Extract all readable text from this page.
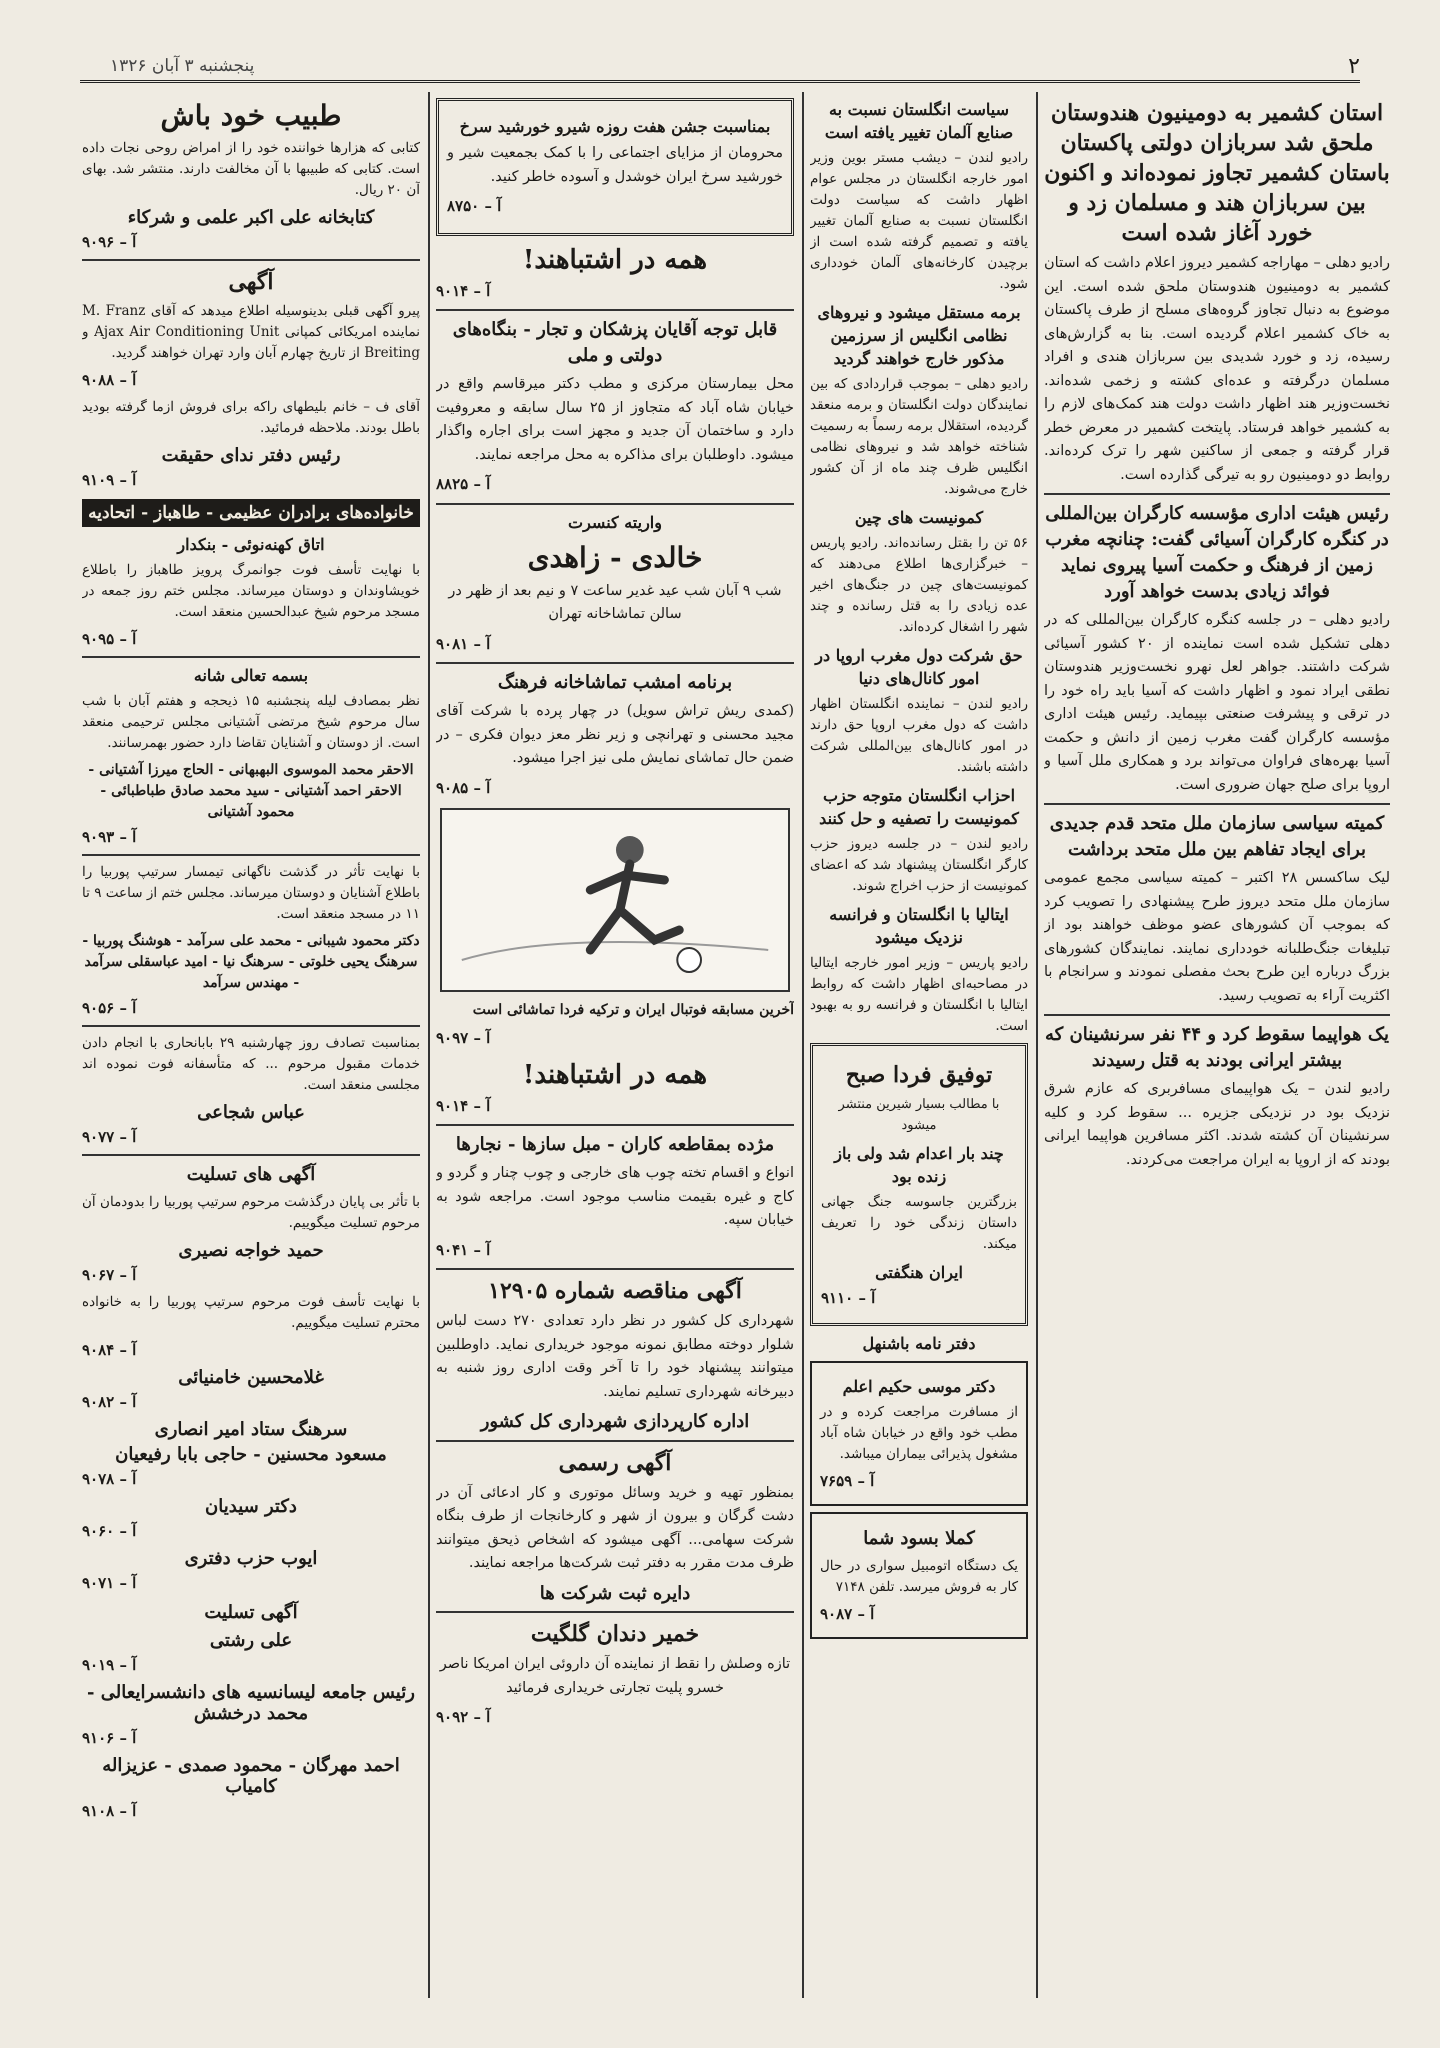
۲
پنجشنبه ۳ آبان ۱۳۲۶
استان کشمیر به دومینیون هندوستان ملحق شد سربازان دولتی پاکستان باستان کشمیر تجاوز نموده‌اند و اکنون بین سربازان هند و مسلمان زد و خورد آغاز شده است

رادیو دهلی – مهاراجه کشمیر دیروز اعلام داشت که استان کشمیر به دومینیون هندوستان ملحق شده است. این موضوع به دنبال تجاوز گروه‌های مسلح از طرف پاکستان به خاک کشمیر اعلام گردیده است. بنا به گزارش‌های رسیده، زد و خورد شدیدی بین سربازان هندی و افراد مسلمان درگرفته و عده‌ای کشته و زخمی شده‌اند. نخست‌وزیر هند اظهار داشت دولت هند کمک‌های لازم را به کشمیر خواهد فرستاد. پایتخت کشمیر در معرض خطر قرار گرفته و جمعی از ساکنین شهر را ترک کرده‌اند. روابط دو دومینیون رو به تیرگی گذارده است.

رئیس هیئت اداری مؤسسه کارگران بین‌المللی در کنگره کارگران آسیائی گفت: چنانچه مغرب زمین از فرهنگ و حکمت آسیا پیروی نماید فوائد زیادی بدست خواهد آورد

رادیو دهلی – در جلسه کنگره کارگران بین‌المللی که در دهلی تشکیل شده است نماینده از ۲۰ کشور آسیائی شرکت داشتند. جواهر لعل نهرو نخست‌وزیر هندوستان نطقی ایراد نمود و اظهار داشت که آسیا باید راه خود را در ترقی و پیشرفت صنعتی بپیماید. رئیس هیئت اداری مؤسسه کارگران گفت مغرب زمین از دانش و حکمت آسیا بهره‌های فراوان می‌تواند برد و همکاری ملل آسیا و اروپا برای صلح جهان ضروری است.

کمیته سیاسی سازمان ملل متحد قدم جدیدی برای ایجاد تفاهم بین ملل متحد برداشت

لیک ساکسس ۲۸ اکتبر – کمیته سیاسی مجمع عمومی سازمان ملل متحد دیروز طرح پیشنهادی را تصویب کرد که بموجب آن کشورهای عضو موظف خواهند بود از تبلیغات جنگ‌طلبانه خودداری نمایند. نمایندگان کشورهای بزرگ درباره این طرح بحث مفصلی نمودند و سرانجام با اکثریت آراء به تصویب رسید.

یک هواپیما سقوط کرد و ۴۴ نفر سرنشینان که بیشتر ایرانی بودند به قتل رسیدند

رادیو لندن – یک هواپیمای مسافربری که عازم شرق نزدیک بود در نزدیکی جزیره ... سقوط کرد و کلیه سرنشینان آن کشته شدند. اکثر مسافرین هواپیما ایرانی بودند که از اروپا به ایران مراجعت می‌کردند.

سیاست انگلستان نسبت به صنایع آلمان تغییر یافته است

رادیو لندن – دیشب مستر بوین وزیر امور خارجه انگلستان در مجلس عوام اظهار داشت که سیاست دولت انگلستان نسبت به صنایع آلمان تغییر یافته و تصمیم گرفته شده است از برچیدن کارخانه‌های آلمان خودداری شود.

برمه مستقل میشود و نیروهای نظامی انگلیس از سرزمین مذکور خارج خواهند گردید

رادیو دهلی – بموجب قراردادی که بین نمایندگان دولت انگلستان و برمه منعقد گردیده، استقلال برمه رسماً به رسمیت شناخته خواهد شد و نیروهای نظامی انگلیس ظرف چند ماه از آن کشور خارج می‌شوند.

کمونیست های چین

۵۶ تن را بقتل رسانده‌اند. رادیو پاریس – خبرگزاری‌ها اطلاع می‌دهند که کمونیست‌های چین در جنگ‌های اخیر عده زیادی را به قتل رسانده و چند شهر را اشغال کرده‌اند.

حق شرکت دول مغرب اروپا در امور کانال‌های دنیا

رادیو لندن – نماینده انگلستان اظهار داشت که دول مغرب اروپا حق دارند در امور کانال‌های بین‌المللی شرکت داشته باشند.

احزاب انگلستان متوجه حزب کمونیست را تصفیه و حل کنند

رادیو لندن – در جلسه دیروز حزب کارگر انگلستان پیشنهاد شد که اعضای کمونیست از حزب اخراج شوند.

ایتالیا با انگلستان و فرانسه نزدیک میشود

رادیو پاریس – وزیر امور خارجه ایتالیا در مصاحبه‌ای اظهار داشت که روابط ایتالیا با انگلستان و فرانسه رو به بهبود است.

توفیق فردا صبح
با مطالب بسیار شیرین منتشر میشود
چند بار اعدام شد ولی باز زنده بود

بزرگترین جاسوسه جنگ جهانی داستان زندگی خود را تعریف میکند.

ایران هنگفتی
۹۱۱۰ – آ
دفتر نامه باشنهل
دکتر موسی حکیم اعلم

از مسافرت مراجعت کرده و در مطب خود واقع در خیابان شاه آباد مشغول پذیرائی بیماران میباشد.

۷۶۵۹ – آ
کملا بسود شما

یک دستگاه اتومبیل سواری در حال کار به فروش میرسد. تلفن ۷۱۴۸

۹۰۸۷ – آ
بمناسبت جشن هفت روزه شیرو خورشید سرخ

محرومان از مزایای اجتماعی را با کمک بجمعیت شیر و خورشید سرخ ایران خوشدل و آسوده خاطر کنید.

۸۷۵۰ – آ
همه در اشتباهند!
۹۰۱۴ – آ
قابل توجه آقایان پزشکان و تجار - بنگاه‌های دولتی و ملی

محل بیمارستان مرکزی و مطب دکتر میرقاسم واقع در خیابان شاه آباد که متجاوز از ۲۵ سال سابقه و معروفیت دارد و ساختمان آن جدید و مجهز است برای اجاره واگذار میشود. داوطلبان برای مذاکره به محل مراجعه نمایند.

۸۸۲۵ – آ
واریته کنسرت
خالدی - زاهدی

شب ۹ آبان شب عید غدیر ساعت ۷ و نیم بعد از ظهر در سالن تماشاخانه تهران

۹۰۸۱ – آ
برنامه امشب تماشاخانه فرهنگ

(کمدی ریش تراش سویل) در چهار پرده با شرکت آقای مجید محسنی و تهرانچی و زیر نظر معز دیوان فکری – در ضمن حال تماشای نمایش ملی نیز اجرا میشود.

۹۰۸۵ – آ
آخرین مسابقه فوتبال ایران و ترکیه فردا تماشائی است
۹۰۹۷ – آ
همه در اشتباهند!
۹۰۱۴ – آ
مژده بمقاطعه کاران - مبل سازها - نجارها

انواع و اقسام تخته چوب های خارجی و چوب چنار و گردو و کاج و غیره بقیمت مناسب موجود است. مراجعه شود به خیابان سپه.

۹۰۴۱ – آ
آگهی مناقصه شماره ۱۲۹۰۵

شهرداری کل کشور در نظر دارد تعدادی ۲۷۰ دست لباس شلوار دوخته مطابق نمونه موجود خریداری نماید. داوطلبین میتوانند پیشنهاد خود را تا آخر وقت اداری روز شنبه به دبیرخانه شهرداری تسلیم نمایند.

اداره کارپردازی شهرداری کل کشور
آگهی رسمی

بمنظور تهیه و خرید وسائل موتوری و کار ادعائی آن در دشت گرگان و بیرون از شهر و کارخانجات از طرف بنگاه شرکت سهامی... آگهی میشود که اشخاص ذیحق میتوانند ظرف مدت مقرر به دفتر ثبت شرکت‌ها مراجعه نمایند.

دایره ثبت شرکت ها
خمیر دندان گلگیت

تازه وصلش را نقط از نماینده آن داروئی ایران امریکا ناصر خسرو پلیت تجارتی خریداری فرمائید

۹۰۹۲ – آ
طبیب خود باش

کتابی که هزارها خواننده خود را از امراض روحی نجات داده است. کتابی که طبیبها با آن مخالفت دارند. منتشر شد. بهای آن ۲۰ ریال.

کتابخانه علی اکبر علمی و شرکاء
۹۰۹۶ – آ
آگهی

پیرو آگهی قبلی بدینوسیله اطلاع میدهد که آقای M. Franz نماینده امریکائی کمپانی Ajax Air Conditioning Unit و Breiting از تاریخ چهارم آبان وارد تهران خواهند گردید.

۹۰۸۸ – آ

آقای ف – خانم بلیطهای راکه برای فروش ازما گرفته بودید باطل بودند. ملاحظه فرمائید.

رئیس دفتر ندای حقیقت
۹۱۰۹ – آ
خانواده‌های برادران عظیمی - طاهباز - اتحادیه
اتاق کهنه‌نوئی - بنکدار

با نهایت تأسف فوت جوانمرگ پرویز طاهباز را باطلاع خویشاوندان و دوستان میرساند. مجلس ختم روز جمعه در مسجد مرحوم شیخ عبدالحسین منعقد است.

۹۰۹۵ – آ
بسمه تعالی شانه

نظر بمصادف لیله پنجشنبه ۱۵ ذیحجه و هفتم آبان با شب سال مرحوم شیخ مرتضی آشتیانی مجلس ترحیمی منعقد است. از دوستان و آشنایان تقاضا دارد حضور بهمرسانند.

الاحقر محمد الموسوی البهبهانی - الحاج میرزا آشتیانی - الاحقر احمد آشتیانی - سید محمد صادق طباطبائی - محمود آشتیانی
۹۰۹۳ – آ

با نهایت تأثر در گذشت ناگهانی تیمسار سرتیپ پوربیا را باطلاع آشنایان و دوستان میرساند. مجلس ختم از ساعت ۹ تا ۱۱ در مسجد منعقد است.

دکتر محمود شیبانی - محمد علی سرآمد - هوشنگ پوربیا - سرهنگ یحیی خلوتی - سرهنگ نیا - امید عباسقلی سرآمد - مهندس سرآمد
۹۰۵۶ – آ

بمناسبت تصادف روز چهارشنبه ۲۹ بابانحاری با انجام دادن خدمات مقبول مرحوم ... که متأسفانه فوت نموده اند مجلسی منعقد است.

عباس شجاعی
۹۰۷۷ – آ
آگهی های تسلیت

با تأثر بی پایان درگذشت مرحوم سرتیپ پوربیا را بدودمان آن مرحوم تسلیت میگوییم.

حمید خواجه نصیری
۹۰۶۷ – آ

با نهایت تأسف فوت مرحوم سرتیپ پوربیا را به خانواده محترم تسلیت میگوییم.

۹۰۸۴ – آ
غلامحسین خامنیائی
۹۰۸۲ – آ
سرهنگ ستاد امیر انصاری
مسعود محسنین - حاجی بابا رفیعیان
۹۰۷۸ – آ
دکتر سیدیان
۹۰۶۰ – آ
ایوب حزب دفتری
۹۰۷۱ – آ
آگهی تسلیت
علی رشتی
۹۰۱۹ – آ
رئیس جامعه لیسانسیه های دانشسرایعالی - محمد درخشش
۹۱۰۶ – آ
احمد مهرگان - محمود صمدی - عزیزاله کامیاب
۹۱۰۸ – آ
